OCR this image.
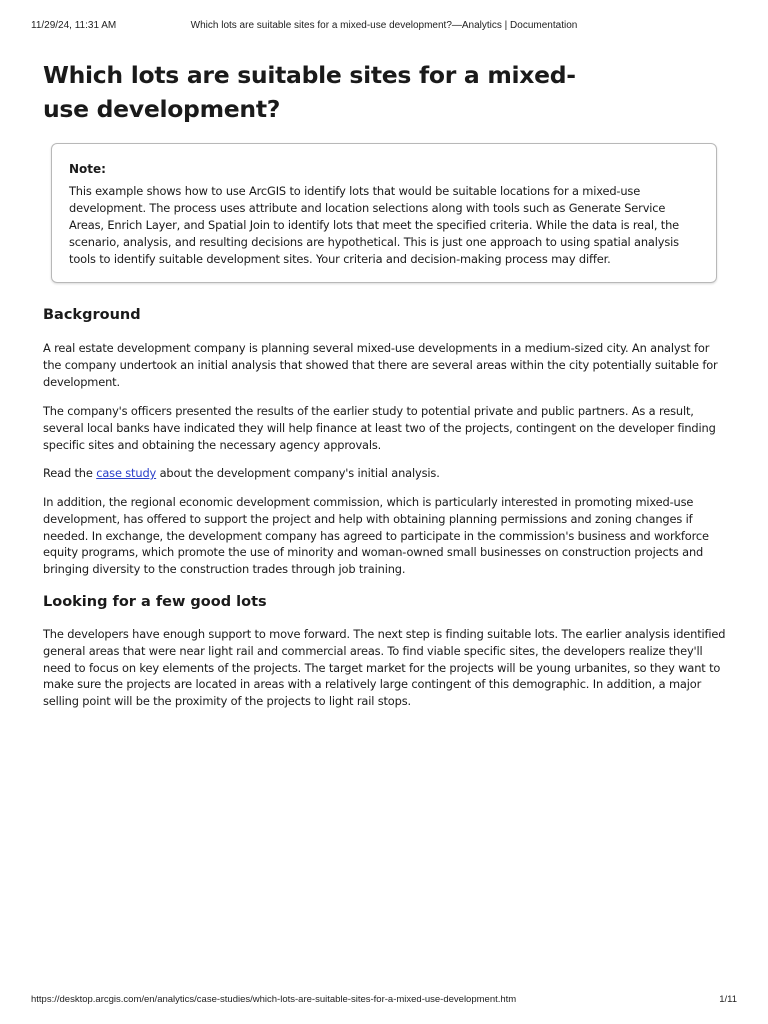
11/29/24, 11:31 AM	Which lots are suitable sites for a mixed-use development?—Analytics | Documentation
Which lots are suitable sites for a mixed-use development?

Note:

This example shows how to use ArcGIS to identify lots that would be suitable locations for a mixed-use development. The process uses attribute and location selections along with tools such as Generate Service Areas, Enrich Layer, and Spatial Join to identify lots that meet the specified criteria. While the data is real, the scenario, analysis, and resulting decisions are hypothetical. This is just one approach to using spatial analysis tools to identify suitable development sites. Your criteria and decision-making process may differ.

Background

A real estate development company is planning several mixed-use developments in a medium-sized city. An analyst for the company undertook an initial analysis that showed that there are several areas within the city potentially suitable for development.

The company's officers presented the results of the earlier study to potential private and public partners. As a result, several local banks have indicated they will help finance at least two of the projects, contingent on the developer finding specific sites and obtaining the necessary agency approvals.

Read the case study about the development company's initial analysis.

In addition, the regional economic development commission, which is particularly interested in promoting mixed-use development, has offered to support the project and help with obtaining planning permissions and zoning changes if needed. In exchange, the development company has agreed to participate in the commission's business and workforce equity programs, which promote the use of minority and woman-owned small businesses on construction projects and bringing diversity to the construction trades through job training.

Looking for a few good lots

The developers have enough support to move forward. The next step is finding suitable lots. The earlier analysis identified general areas that were near light rail and commercial areas. To find viable specific sites, the developers realize they'll need to focus on key elements of the projects. The target market for the projects will be young urbanites, so they want to make sure the projects are located in areas with a relatively large contingent of this demographic. In addition, a major selling point will be the proximity of the projects to light rail stops.

https://desktop.arcgis.com/en/analytics/case-studies/which-lots-are-suitable-sites-for-a-mixed-use-development.htm	1/11
